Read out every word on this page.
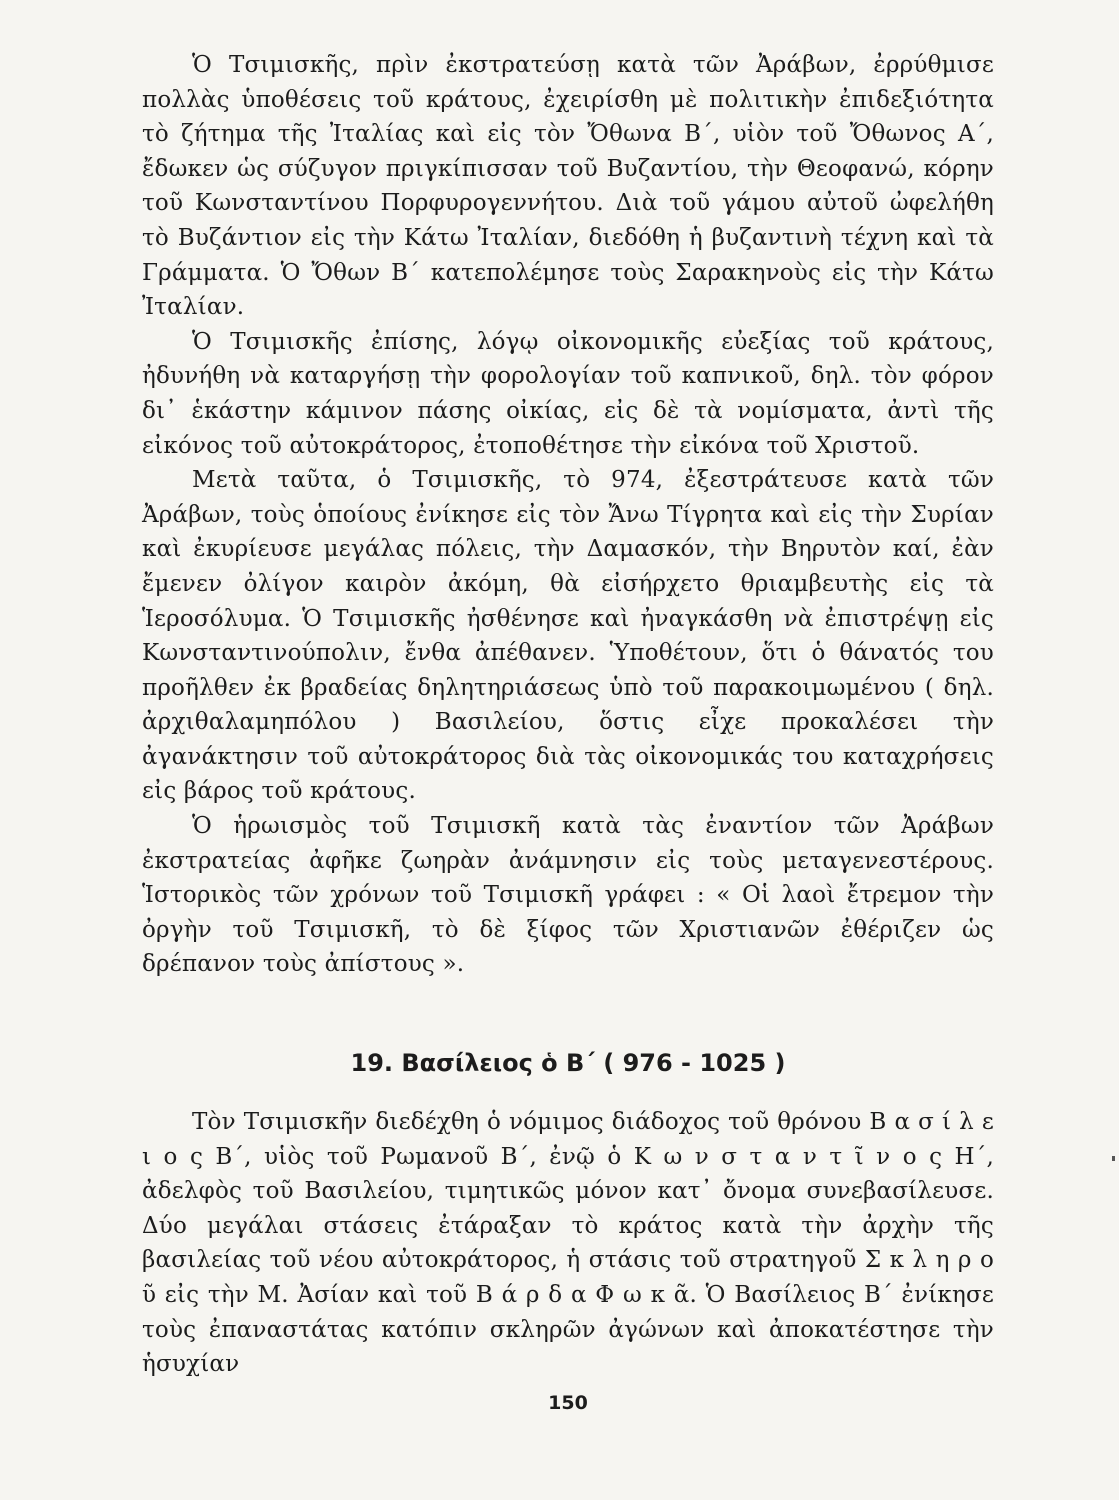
Ὁ Τσιμισκῆς, πρὶν ἐκστρατεύσῃ κατὰ τῶν Ἀράβων, ἐρρύθμισε πολλὰς ὑποθέσεις τοῦ κράτους, ἐχειρίσθη μὲ πολιτικὴν ἐπιδεξιότητα τὸ ζήτημα τῆς Ἰταλίας καὶ εἰς τὸν Ὄθωνα Β΄, υἱὸν τοῦ Ὄθωνος Α΄, ἔδωκεν ὡς σύζυγον πριγκίπισσαν τοῦ Βυζαντίου, τὴν Θεοφανώ, κόρην τοῦ Κωνσταντίνου Πορφυρογεννήτου. Διὰ τοῦ γάμου αὐτοῦ ὠφελήθη τὸ Βυζάντιον εἰς τὴν Κάτω Ἰταλίαν, διεδόθη ἡ βυζαντινὴ τέχνη καὶ τὰ Γράμματα. Ὁ Ὄθων Β΄ κατεπολέμησε τοὺς Σαρακηνοὺς εἰς τὴν Κάτω Ἰταλίαν.

Ὁ Τσιμισκῆς ἐπίσης, λόγῳ οἰκονομικῆς εὐεξίας τοῦ κράτους, ἠδυνήθη νὰ καταργήσῃ τὴν φορολογίαν τοῦ καπνικοῦ, δηλ. τὸν φόρον δι᾿ ἑκάστην κάμινον πάσης οἰκίας, εἰς δὲ τὰ νομίσματα, ἀντὶ τῆς εἰκόνος τοῦ αὐτοκράτορος, ἐτοποθέτησε τὴν εἰκόνα τοῦ Χριστοῦ.

Μετὰ ταῦτα, ὁ Τσιμισκῆς, τὸ 974, ἐξεστράτευσε κατὰ τῶν Ἀράβων, τοὺς ὁποίους ἐνίκησε εἰς τὸν Ἄνω Τίγρητα καὶ εἰς τὴν Συρίαν καὶ ἐκυρίευσε μεγάλας πόλεις, τὴν Δαμασκόν, τὴν Βηρυτὸν καί, ἐὰν ἔμενεν ὀλίγον καιρὸν ἀκόμη, θὰ εἰσήρχετο θριαμβευτὴς εἰς τὰ Ἱεροσόλυμα. Ὁ Τσιμισκῆς ἠσθένησε καὶ ἠναγκάσθη νὰ ἐπιστρέψῃ εἰς Κωνσταντινούπολιν, ἔνθα ἀπέθανεν. Ὑποθέτουν, ὅτι ὁ θάνατός του προῆλθεν ἐκ βραδείας δηλητηριάσεως ὑπὸ τοῦ παρακοιμωμένου ( δηλ. ἀρχιθαλαμηπόλου ) Βασιλείου, ὅστις εἶχε προκαλέσει τὴν ἀγανάκτησιν τοῦ αὐτοκράτορος διὰ τὰς οἰκονομικάς του καταχρήσεις εἰς βάρος τοῦ κράτους.

Ὁ ἡρωισμὸς τοῦ Τσιμισκῆ κατὰ τὰς ἐναντίον τῶν Ἀράβων ἐκστρατείας ἀφῆκε ζωηρὰν ἀνάμνησιν εἰς τοὺς μεταγενεστέρους. Ἱστορικὸς τῶν χρόνων τοῦ Τσιμισκῆ γράφει : « Οἱ λαοὶ ἔτρεμον τὴν ὀργὴν τοῦ Τσιμισκῆ, τὸ δὲ ξίφος τῶν Χριστιανῶν ἐθέριζεν ὡς δρέπανον τοὺς ἀπίστους ».

19. Βασίλειος ὁ Β΄ ( 976 - 1025 )

Τὸν Τσιμισκῆν διεδέχθη ὁ νόμιμος διάδοχος τοῦ θρόνου Β α σ ί λ ε ι ο ς Β΄, υἱὸς τοῦ Ρωμανοῦ Β΄, ἐνῷ ὁ Κ ω ν σ τ α ν τ ῖ ν ο ς Η΄, ἀδελφὸς τοῦ Βασιλείου, τιμητικῶς μόνον κατ᾿ ὄνομα συνεβασίλευσε. Δύο μεγάλαι στάσεις ἐτάραξαν τὸ κράτος κατὰ τὴν ἀρχὴν τῆς βασιλείας τοῦ νέου αὐτοκράτορος, ἡ στάσις τοῦ στρατηγοῦ Σ κ λ η ρ ο ῦ εἰς τὴν Μ. Ἀσίαν καὶ τοῦ Β ά ρ δ α Φ ω κ ᾶ. Ὁ Βασίλειος Β΄ ἐνίκησε τοὺς ἐπαναστάτας κατόπιν σκληρῶν ἀγώνων καὶ ἀποκατέστησε τὴν ἡσυχίαν

150
